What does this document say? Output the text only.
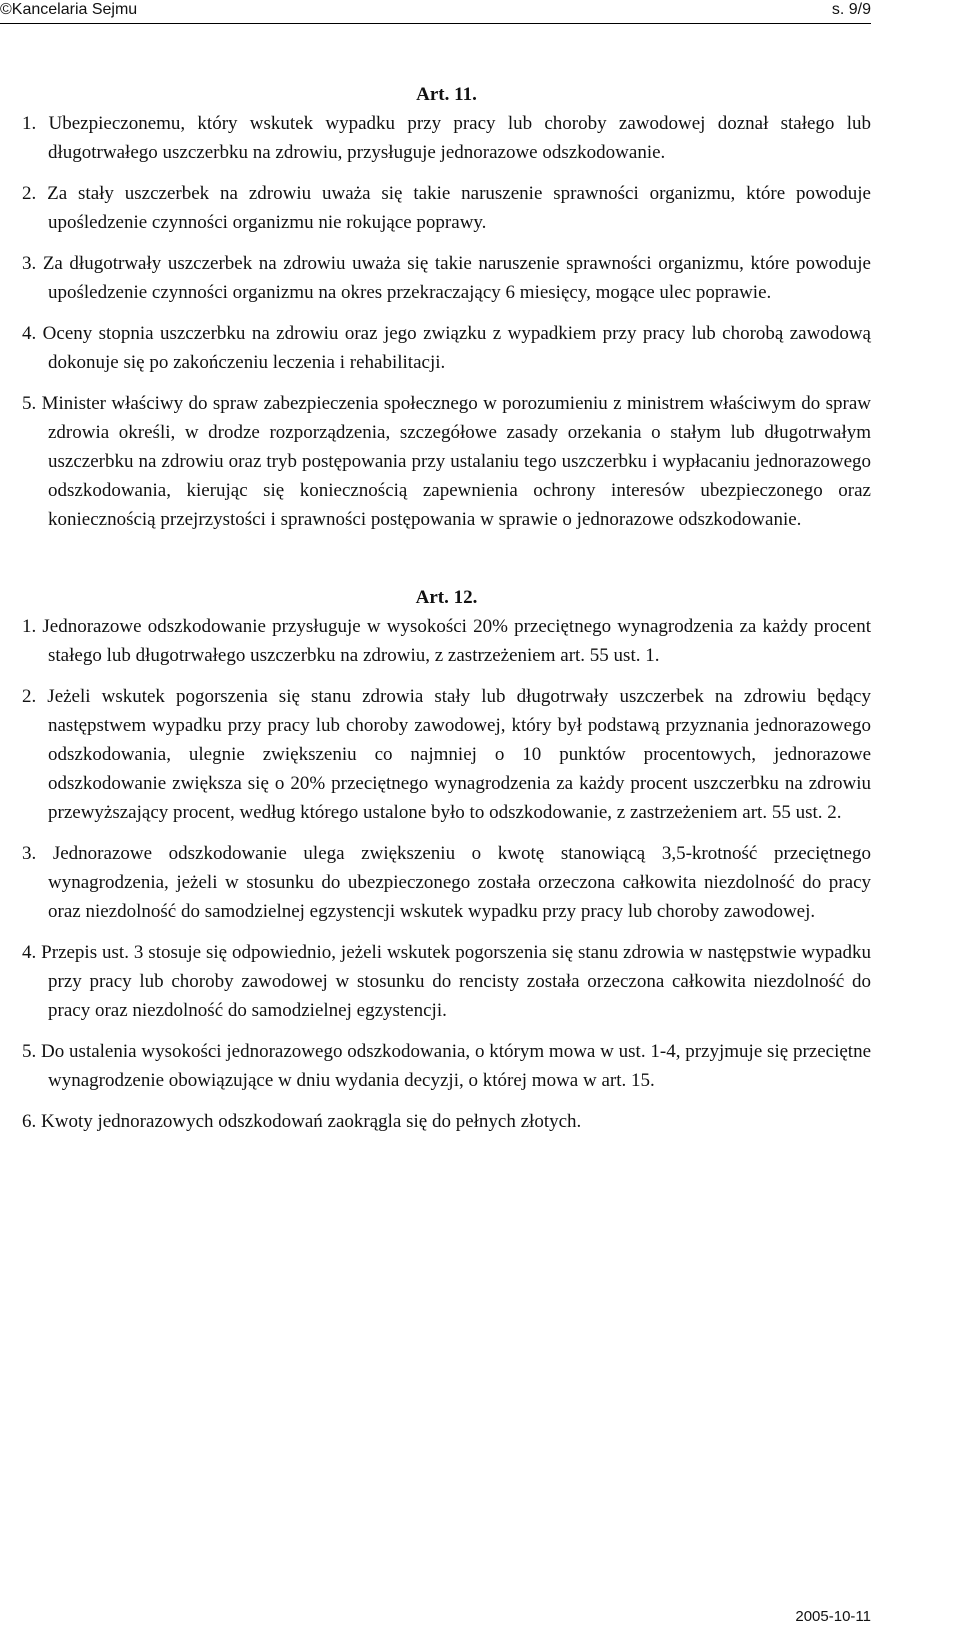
©Kancelaria Sejmu	s. 9/9
Art. 11.

1. Ubezpieczonemu, który wskutek wypadku przy pracy lub choroby zawodowej doznał stałego lub długotrwałego uszczerbku na zdrowiu, przysługuje jednorazowe odszkodowanie.

2. Za stały uszczerbek na zdrowiu uważa się takie naruszenie sprawności organizmu, które powoduje upośledzenie czynności organizmu nie rokujące poprawy.

3. Za długotrwały uszczerbek na zdrowiu uważa się takie naruszenie sprawności organizmu, które powoduje upośledzenie czynności organizmu na okres przekraczający 6 miesięcy, mogące ulec poprawie.

4. Oceny stopnia uszczerbku na zdrowiu oraz jego związku z wypadkiem przy pracy lub chorobą zawodową dokonuje się po zakończeniu leczenia i rehabilitacji.

5. Minister właściwy do spraw zabezpieczenia społecznego w porozumieniu z ministrem właściwym do spraw zdrowia określi, w drodze rozporządzenia, szczegółowe zasady orzekania o stałym lub długotrwałym uszczerbku na zdrowiu oraz tryb postępowania przy ustalaniu tego uszczerbku i wypłacaniu jednorazowego odszkodowania, kierując się koniecznością zapewnienia ochrony interesów ubezpieczonego oraz koniecznością przejrzystości i sprawności postępowania w sprawie o jednorazowe odszkodowanie.

Art. 12.

1. Jednorazowe odszkodowanie przysługuje w wysokości 20% przeciętnego wynagrodzenia za każdy procent stałego lub długotrwałego uszczerbku na zdrowiu, z zastrzeżeniem art. 55 ust. 1.

2. Jeżeli wskutek pogorszenia się stanu zdrowia stały lub długotrwały uszczerbek na zdrowiu będący następstwem wypadku przy pracy lub choroby zawodowej, który był podstawą przyznania jednorazowego odszkodowania, ulegnie zwiększeniu co najmniej o 10 punktów procentowych, jednorazowe odszkodowanie zwiększa się o 20% przeciętnego wynagrodzenia za każdy procent uszczerbku na zdrowiu przewyższający procent, według którego ustalone było to odszkodowanie, z zastrzeżeniem art. 55 ust. 2.

3. Jednorazowe odszkodowanie ulega zwiększeniu o kwotę stanowiącą 3,5-krotność przeciętnego wynagrodzenia, jeżeli w stosunku do ubezpieczonego została orzeczona całkowita niezdolność do pracy oraz niezdolność do samodzielnej egzystencji wskutek wypadku przy pracy lub choroby zawodowej.

4. Przepis ust. 3 stosuje się odpowiednio, jeżeli wskutek pogorszenia się stanu zdrowia w następstwie wypadku przy pracy lub choroby zawodowej w stosunku do rencisty została orzeczona całkowita niezdolność do pracy oraz niezdolność do samodzielnej egzystencji.

5. Do ustalenia wysokości jednorazowego odszkodowania, o którym mowa w ust. 1-4, przyjmuje się przeciętne wynagrodzenie obowiązujące w dniu wydania decyzji, o której mowa w art. 15.

6. Kwoty jednorazowych odszkodowań zaokrągla się do pełnych złotych.

2005-10-11
